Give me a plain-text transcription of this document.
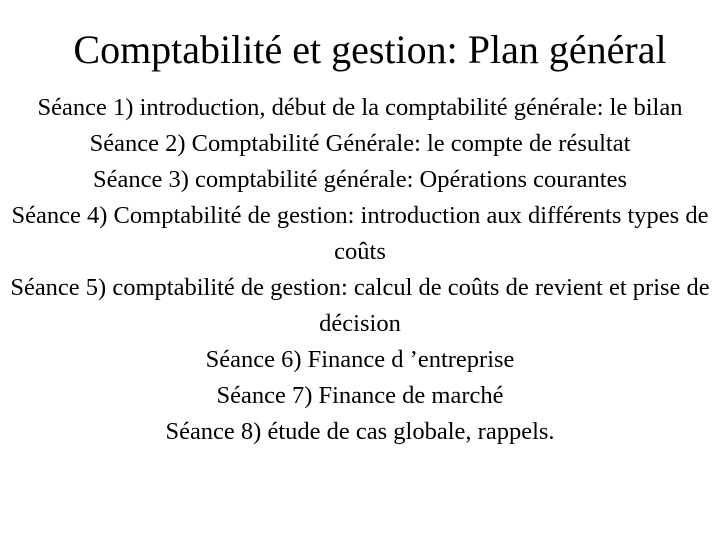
Comptabilité et gestion: Plan général

Séance 1) introduction, début de la comptabilité générale: le bilan

Séance 2) Comptabilité Générale: le compte de résultat

Séance 3) comptabilité générale: Opérations courantes

Séance 4) Comptabilité de gestion: introduction aux différents types de coûts

Séance 5) comptabilité de gestion: calcul de coûts de revient et prise de décision

Séance 6) Finance d ’entreprise

Séance 7) Finance de marché

Séance 8) étude de cas globale, rappels.
